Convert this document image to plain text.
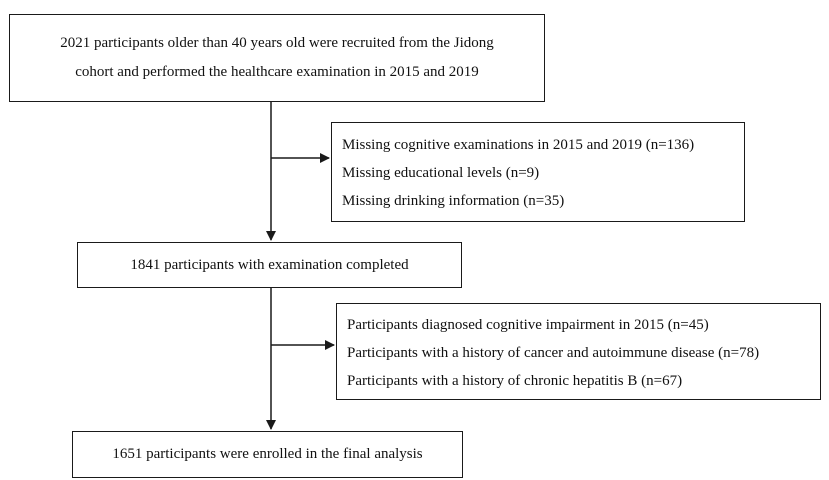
2021 participants older than 40 years old were recruited from the Jidong
cohort and performed the healthcare examination in 2015 and 2019
Missing cognitive examinations in 2015 and 2019 (n=136)
Missing educational levels (n=9)
Missing drinking information (n=35)
1841 participants with examination completed
Participants diagnosed cognitive impairment in 2015 (n=45)
Participants with a history of cancer and autoimmune disease (n=78)
Participants with a history of chronic hepatitis B (n=67)
1651 participants were enrolled in the final analysis
